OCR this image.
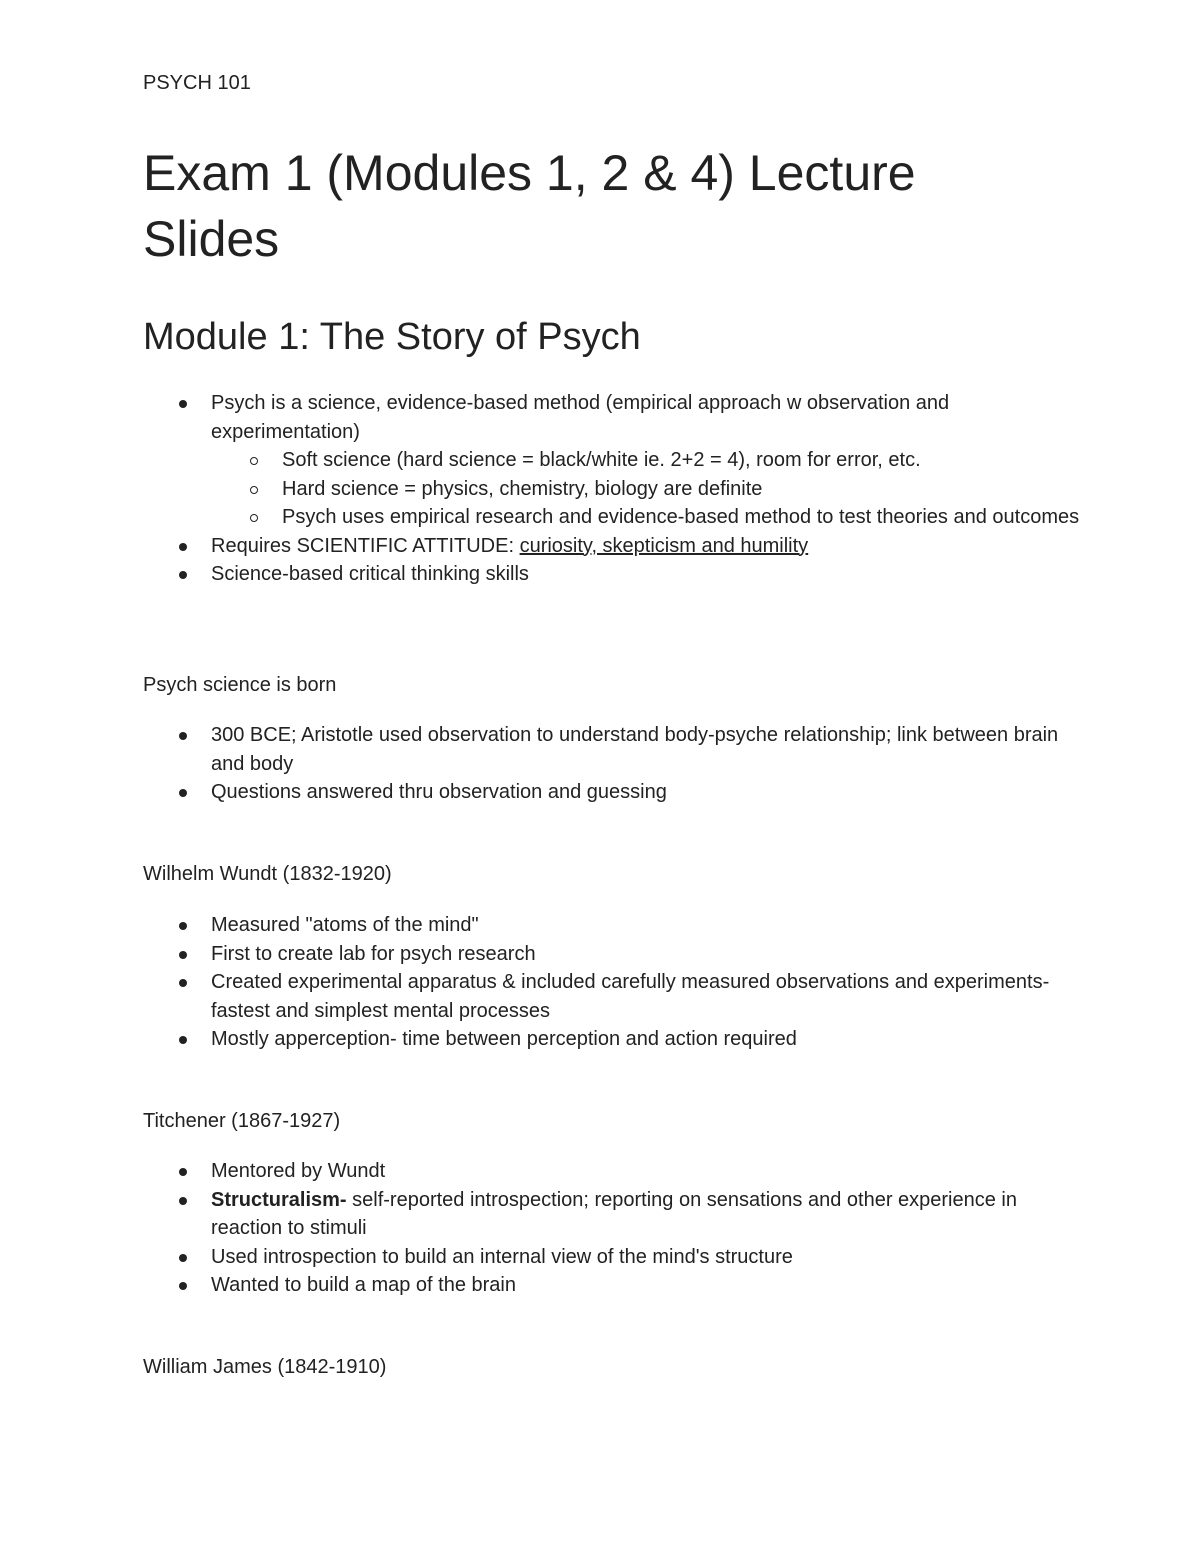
PSYCH 101

Exam 1 (Modules 1, 2 & 4) Lecture Slides
Module 1: The Story of Psych
Psych is a science, evidence-based method (empirical approach w observation and experimentation)
Soft science (hard science = black/white ie. 2+2 = 4), room for error, etc.
Hard science = physics, chemistry, biology are definite
Psych uses empirical research and evidence-based method to test theories and outcomes
Requires SCIENTIFIC ATTITUDE: curiosity, skepticism and humility
Science-based critical thinking skills

Psych science is born

300 BCE; Aristotle used observation to understand body-psyche relationship; link between brain and body
Questions answered thru observation and guessing

Wilhelm Wundt (1832-1920)

Measured "atoms of the mind"
First to create lab for psych research
Created experimental apparatus & included carefully measured observations and experiments- fastest and simplest mental processes
Mostly apperception- time between perception and action required

Titchener (1867-1927)

Mentored by Wundt
Structuralism- self-reported introspection; reporting on sensations and other experience in reaction to stimuli
Used introspection to build an internal view of the mind's structure
Wanted to build a map of the brain

William James (1842-1910)
